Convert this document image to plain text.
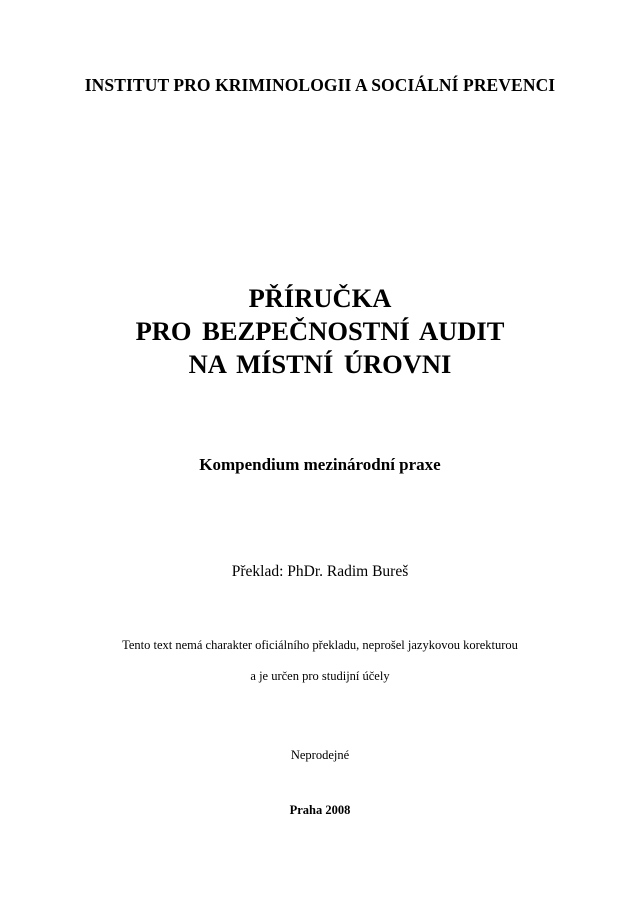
INSTITUT PRO KRIMINOLOGII A SOCIÁLNÍ PREVENCI
PŘÍRUČKA
PRO BEZPEČNOSTNÍ AUDIT
NA MÍSTNÍ ÚROVNI
Kompendium mezinárodní praxe
Překlad: PhDr. Radim Bureš
Tento text nemá charakter oficiálního překladu, neprošel jazykovou korekturou
a je určen pro studijní účely
Neprodejné
Praha 2008
